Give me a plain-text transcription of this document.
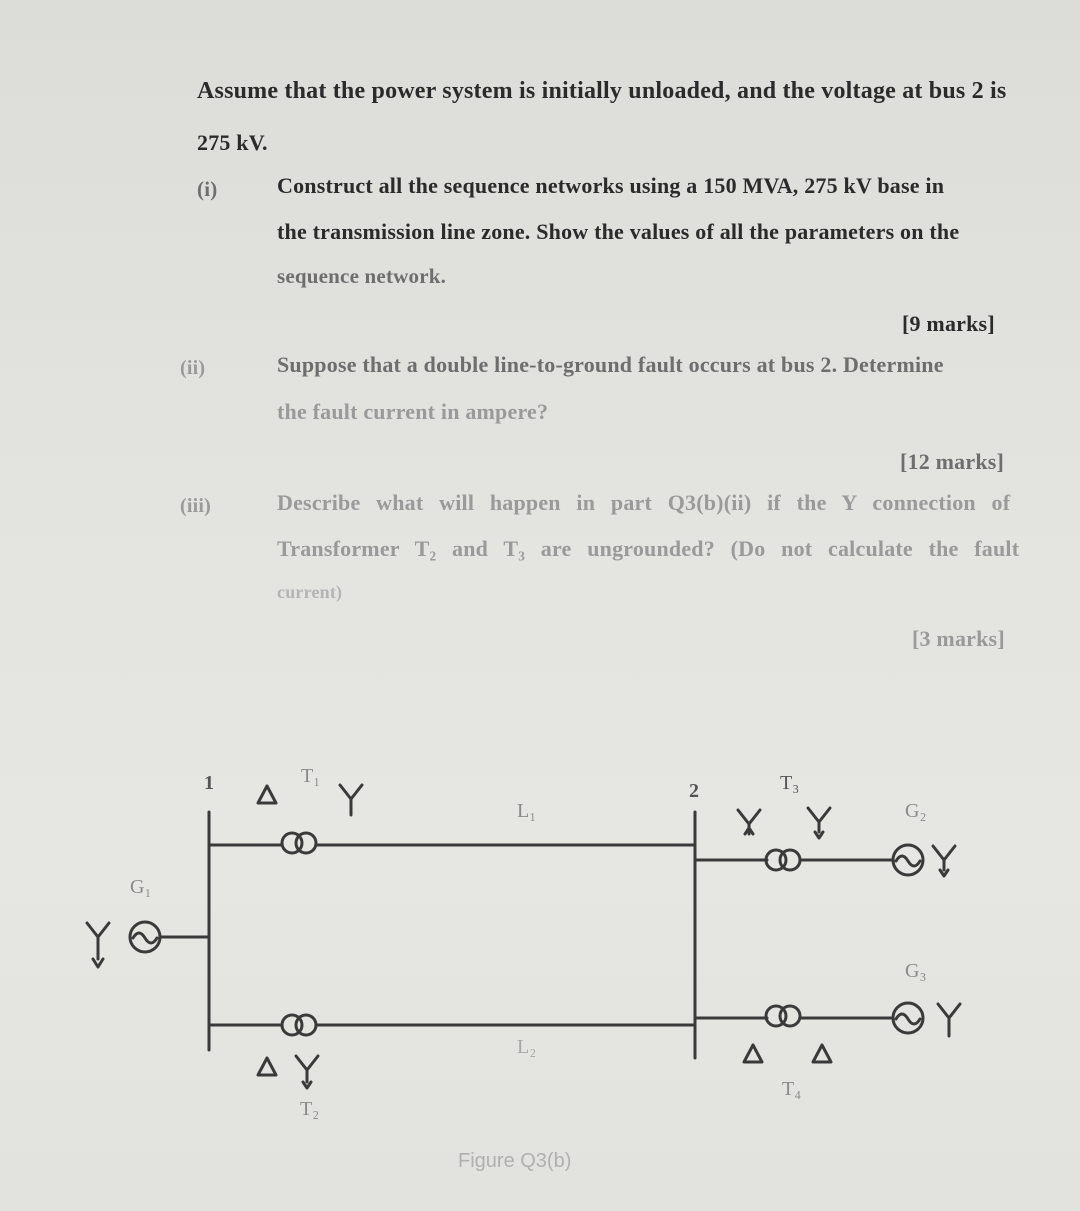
Assume that the power system is initially unloaded, and the voltage at bus 2 is
275 kV.
(i)	Construct all the sequence networks using a 150 MVA, 275 kV base in
the transmission line zone. Show the values of all the parameters on the
sequence network.
[9 marks]
(ii)	Suppose that a double line-to-ground fault occurs at bus 2. Determine
the fault current in ampere?
[12 marks]
(iii)	Describe what will happen in part Q3(b)(ii) if the Y connection of
Transformer T₂ and T₃ are ungrounded? (Do not calculate the fault
current)
[3 marks]
1	2
G₁
G₂
G₃
T₁
T₂
T₃
T₄
L₁
L₂
Figure Q3(b)
